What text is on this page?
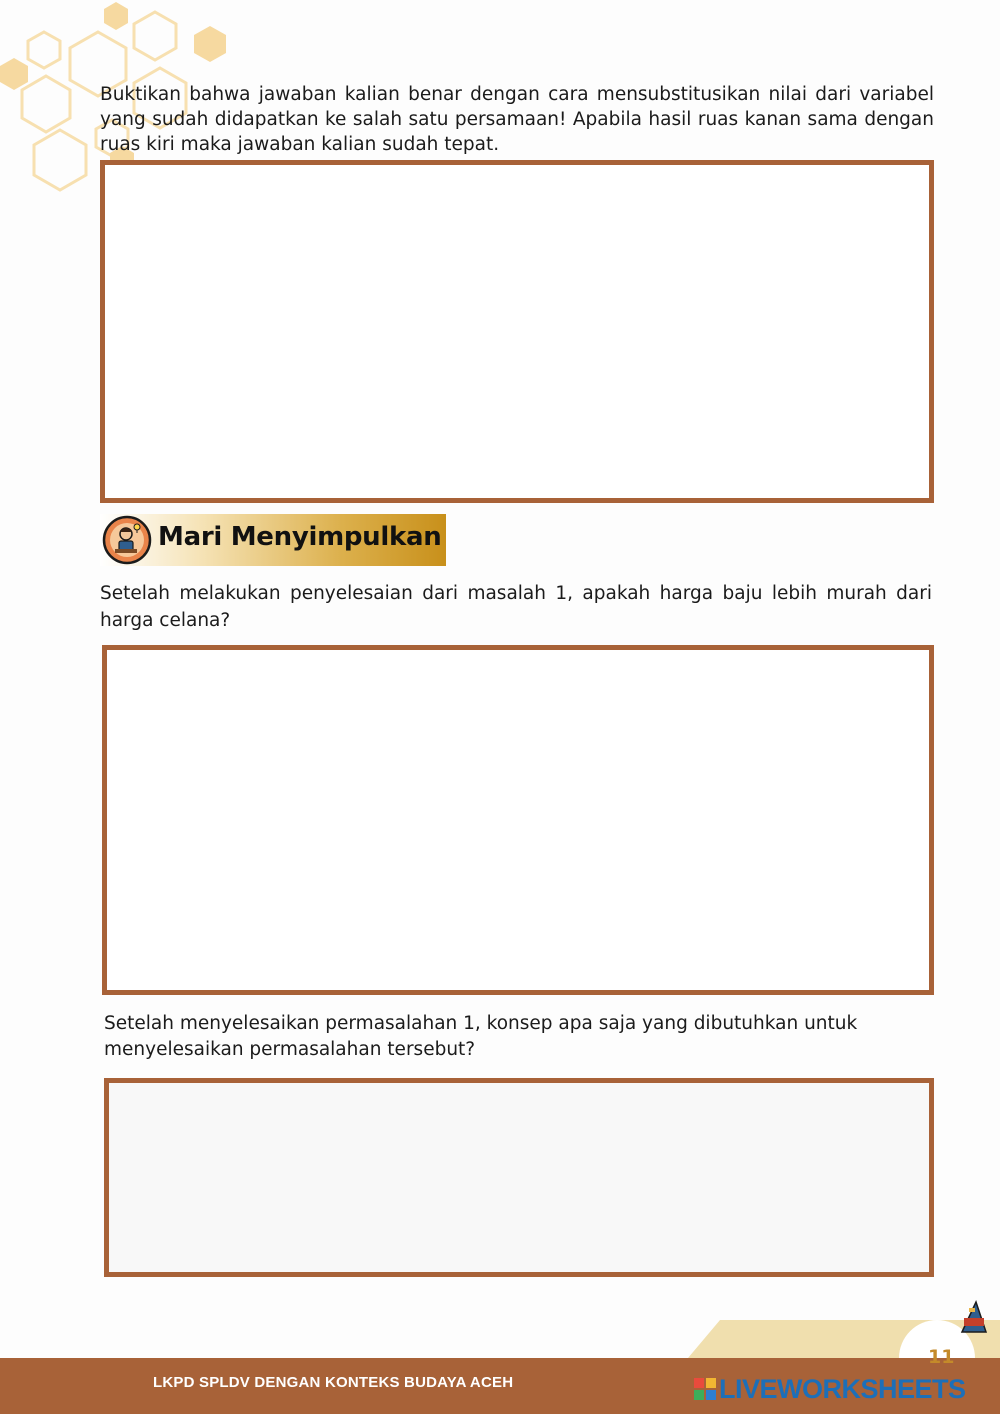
Buktikan bahwa jawaban kalian benar dengan cara mensubstitusikan nilai dari variabel yang sudah didapatkan ke salah satu persamaan! Apabila hasil ruas kanan sama dengan ruas kiri maka jawaban kalian sudah tepat.

Mari Menyimpulkan

Setelah melakukan penyelesaian dari masalah 1, apakah harga baju lebih murah dari harga celana?

Setelah menyelesaikan permasalahan 1, konsep apa saja yang dibutuhkan untuk menyelesaikan permasalahan tersebut?

LKPD SPLDV DENGAN KONTEKS BUDAYA ACEH
11
LIVEWORKSHEETS
